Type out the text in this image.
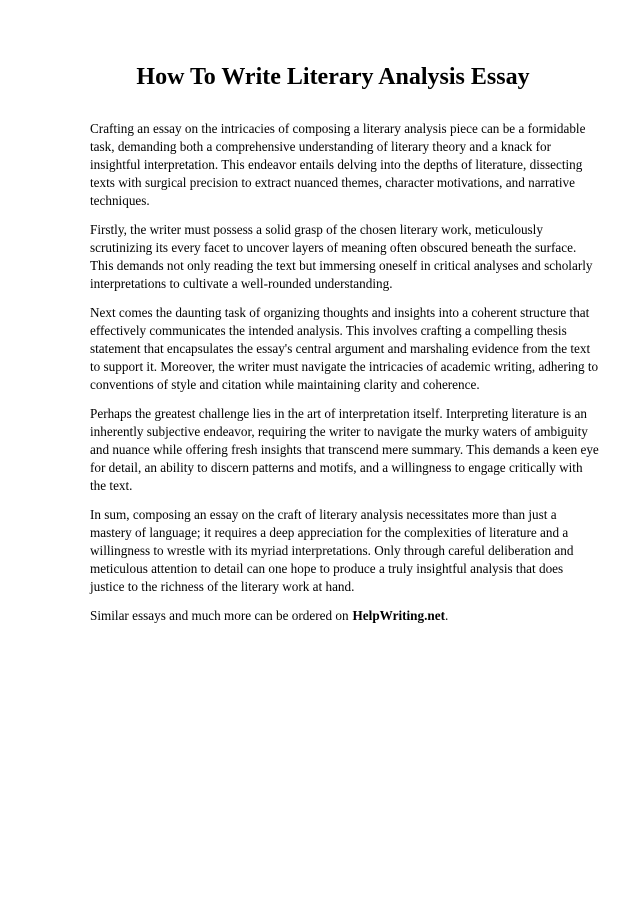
How To Write Literary Analysis Essay

Crafting an essay on the intricacies of composing a literary analysis piece can be a formidable task, demanding both a comprehensive understanding of literary theory and a knack for insightful interpretation. This endeavor entails delving into the depths of literature, dissecting texts with surgical precision to extract nuanced themes, character motivations, and narrative techniques.

Firstly, the writer must possess a solid grasp of the chosen literary work, meticulously scrutinizing its every facet to uncover layers of meaning often obscured beneath the surface. This demands not only reading the text but immersing oneself in critical analyses and scholarly interpretations to cultivate a well-rounded understanding.

Next comes the daunting task of organizing thoughts and insights into a coherent structure that effectively communicates the intended analysis. This involves crafting a compelling thesis statement that encapsulates the essay's central argument and marshaling evidence from the text to support it. Moreover, the writer must navigate the intricacies of academic writing, adhering to conventions of style and citation while maintaining clarity and coherence.

Perhaps the greatest challenge lies in the art of interpretation itself. Interpreting literature is an inherently subjective endeavor, requiring the writer to navigate the murky waters of ambiguity and nuance while offering fresh insights that transcend mere summary. This demands a keen eye for detail, an ability to discern patterns and motifs, and a willingness to engage critically with the text.

In sum, composing an essay on the craft of literary analysis necessitates more than just a mastery of language; it requires a deep appreciation for the complexities of literature and a willingness to wrestle with its myriad interpretations. Only through careful deliberation and meticulous attention to detail can one hope to produce a truly insightful analysis that does justice to the richness of the literary work at hand.

Similar essays and much more can be ordered on HelpWriting.net.
